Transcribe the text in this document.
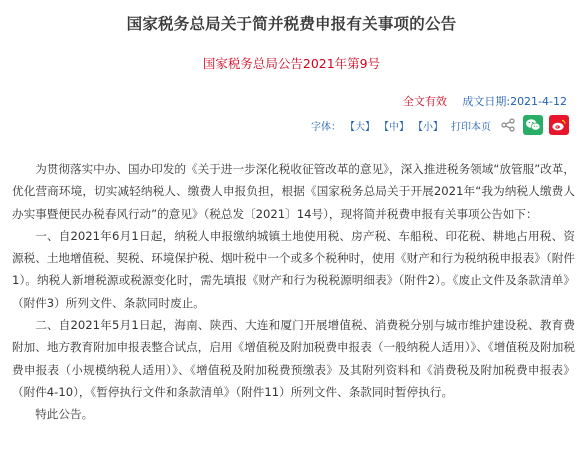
国家税务总局关于简并税费申报有关事项的公告
国家税务总局公告2021年第9号
全文有效 成文日期:2021-4-12
字体： 【大】 【中】 【小】 打印本页

为贯彻落实中办、国办印发的《关于进一步深化税收征管改革的意见》，深入推进税务领域“放管服”改革，优化营商环境，切实减轻纳税人、缴费人申报负担，根据《国家税务总局关于开展2021年“我为纳税人缴费人办实事暨便民办税春风行动”的意见》（税总发〔2021〕14号），现将简并税费申报有关事项公告如下：

一、自2021年6月1日起，纳税人申报缴纳城镇土地使用税、房产税、车船税、印花税、耕地占用税、资源税、土地增值税、契税、环境保护税、烟叶税中一个或多个税种时，使用《财产和行为税纳税申报表》（附件1）。纳税人新增税源或税源变化时，需先填报《财产和行为税税源明细表》（附件2）。《废止文件及条款清单》（附件3）所列文件、条款同时废止。

二、自2021年5月1日起，海南、陕西、大连和厦门开展增值税、消费税分别与城市维护建设税、教育费附加、地方教育附加申报表整合试点，启用《增值税及附加税费申报表（一般纳税人适用）》、《增值税及附加税费申报表（小规模纳税人适用）》、《增值税及附加税费预缴表》及其附列资料和《消费税及附加税费申报表》（附件4-10），《暂停执行文件和条款清单》（附件11）所列文件、条款同时暂停执行。

特此公告。
